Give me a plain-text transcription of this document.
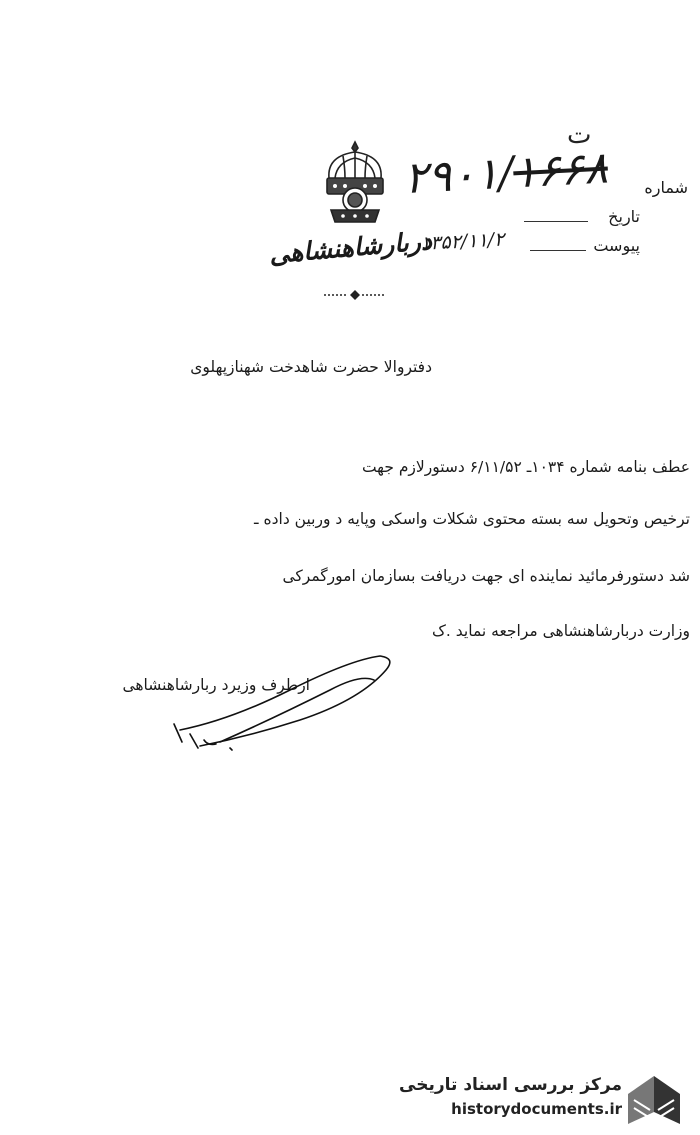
ت
دربارشاهنشاهی
شماره
تاریخ
پیوست
۲۹۰۱/۱۶۶۸
۱۳۵۲/۱۱/۲
دفتروالا حضرت شاهدخت شهنازپهلوی
عطف بنامه شماره ۱۰۳۴ـ ۶/۱۱/۵۲ دستورلازم جهت
ترخیص وتحویل سه بسته محتوی شکلات واسکی وپایه د وربین داده ـ
شد دستورفرمائید نماینده ای جهت دریافت بسازمان امورگمرکی
وزارت دربارشاهنشاهی مراجعه نماید .ک
ازطرف وزیرد ربارشاهنشاهی
مرکز بررسی اسناد تاریخی
historydocuments.ir
